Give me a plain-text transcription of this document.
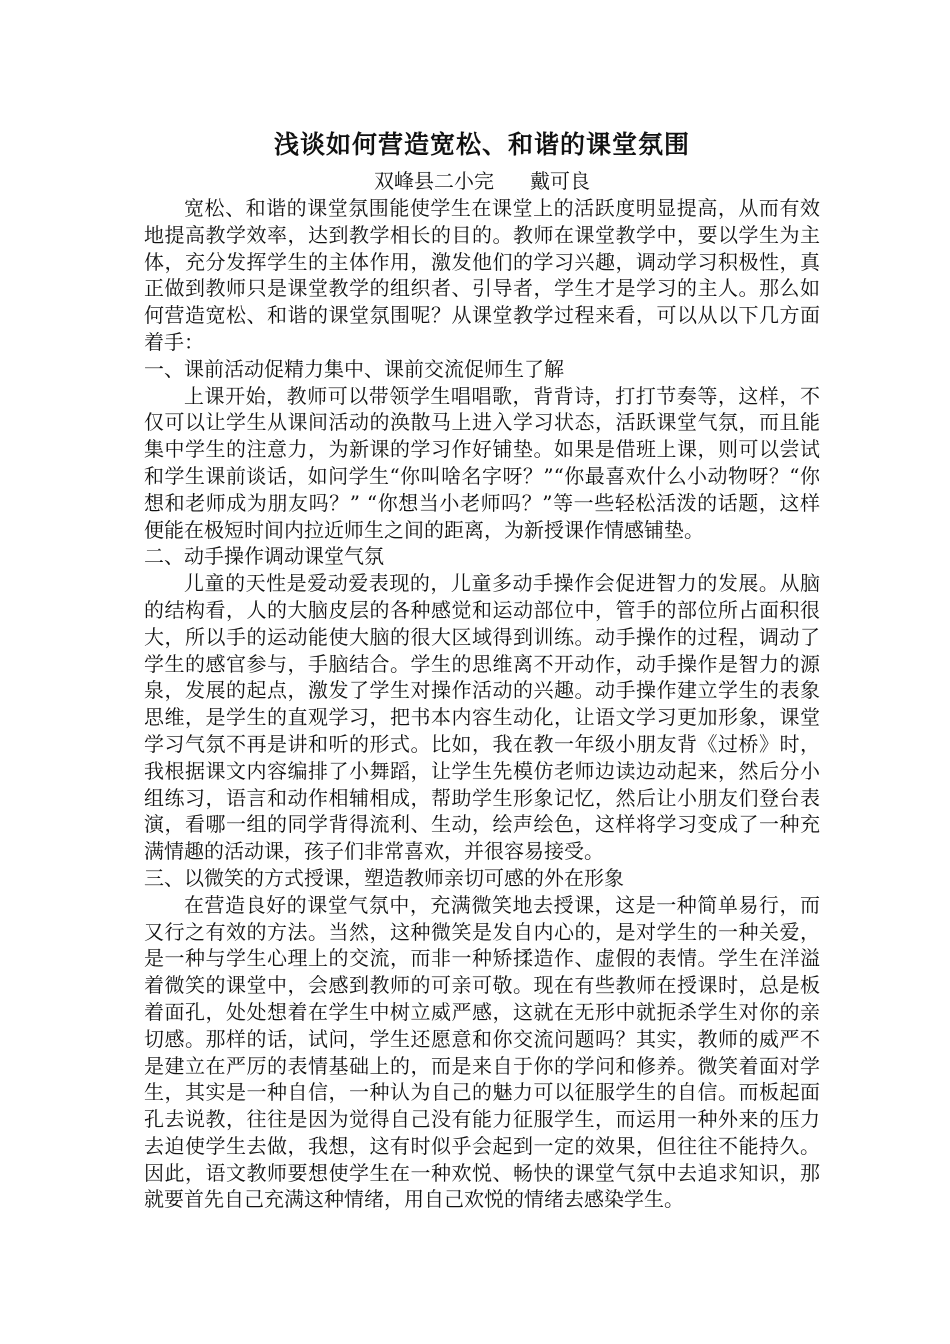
浅谈如何营造宽松、和谐的课堂氛围

双峰县二小完 戴可良

宽松、和谐的课堂氛围能使学生在课堂上的活跃度明显提高，从而有效地提高教学效率，达到教学相长的目的。教师在课堂教学中，要以学生为主体，充分发挥学生的主体作用，激发他们的学习兴趣，调动学习积极性，真正做到教师只是课堂教学的组织者、引导者，学生才是学习的主人。那么如何营造宽松、和谐的课堂氛围呢？从课堂教学过程来看，可以从以下几方面着手：

一、课前活动促精力集中、课前交流促师生了解

上课开始，教师可以带领学生唱唱歌，背背诗，打打节奏等，这样，不仅可以让学生从课间活动的涣散马上进入学习状态，活跃课堂气氛，而且能集中学生的注意力，为新课的学习作好铺垫。如果是借班上课，则可以尝试和学生课前谈话，如问学生“你叫啥名字呀？”“你最喜欢什么小动物呀？“你想和老师成为朋友吗？” “你想当小老师吗？”等一些轻松活泼的话题，这样便能在极短时间内拉近师生之间的距离，为新授课作情感铺垫。

二、动手操作调动课堂气氛

儿童的天性是爱动爱表现的，儿童多动手操作会促进智力的发展。从脑的结构看，人的大脑皮层的各种感觉和运动部位中，管手的部位所占面积很大，所以手的运动能使大脑的很大区域得到训练。动手操作的过程，调动了学生的感官参与，手脑结合。学生的思维离不开动作，动手操作是智力的源泉，发展的起点，激发了学生对操作活动的兴趣。动手操作建立学生的表象思维，是学生的直观学习，把书本内容生动化，让语文学习更加形象，课堂学习气氛不再是讲和听的形式。比如，我在教一年级小朋友背《过桥》时，我根据课文内容编排了小舞蹈，让学生先模仿老师边读边动起来，然后分小组练习，语言和动作相辅相成，帮助学生形象记忆，然后让小朋友们登台表演，看哪一组的同学背得流利、生动，绘声绘色，这样将学习变成了一种充满情趣的活动课，孩子们非常喜欢，并很容易接受。

三、以微笑的方式授课，塑造教师亲切可感的外在形象

在营造良好的课堂气氛中，充满微笑地去授课，这是一种简单易行，而又行之有效的方法。当然，这种微笑是发自内心的，是对学生的一种关爱，是一种与学生心理上的交流，而非一种矫揉造作、虚假的表情。学生在洋溢着微笑的课堂中，会感到教师的可亲可敬。现在有些教师在授课时，总是板着面孔，处处想着在学生中树立威严感，这就在无形中就扼杀学生对你的亲切感。那样的话，试问，学生还愿意和你交流问题吗？其实，教师的威严不是建立在严厉的表情基础上的，而是来自于你的学问和修养。微笑着面对学生，其实是一种自信，一种认为自己的魅力可以征服学生的自信。而板起面孔去说教，往往是因为觉得自己没有能力征服学生，而运用一种外来的压力去迫使学生去做，我想，这有时似乎会起到一定的效果，但往往不能持久。因此，语文教师要想使学生在一种欢悦、畅快的课堂气氛中去追求知识，那就要首先自己充满这种情绪，用自己欢悦的情绪去感染学生。
